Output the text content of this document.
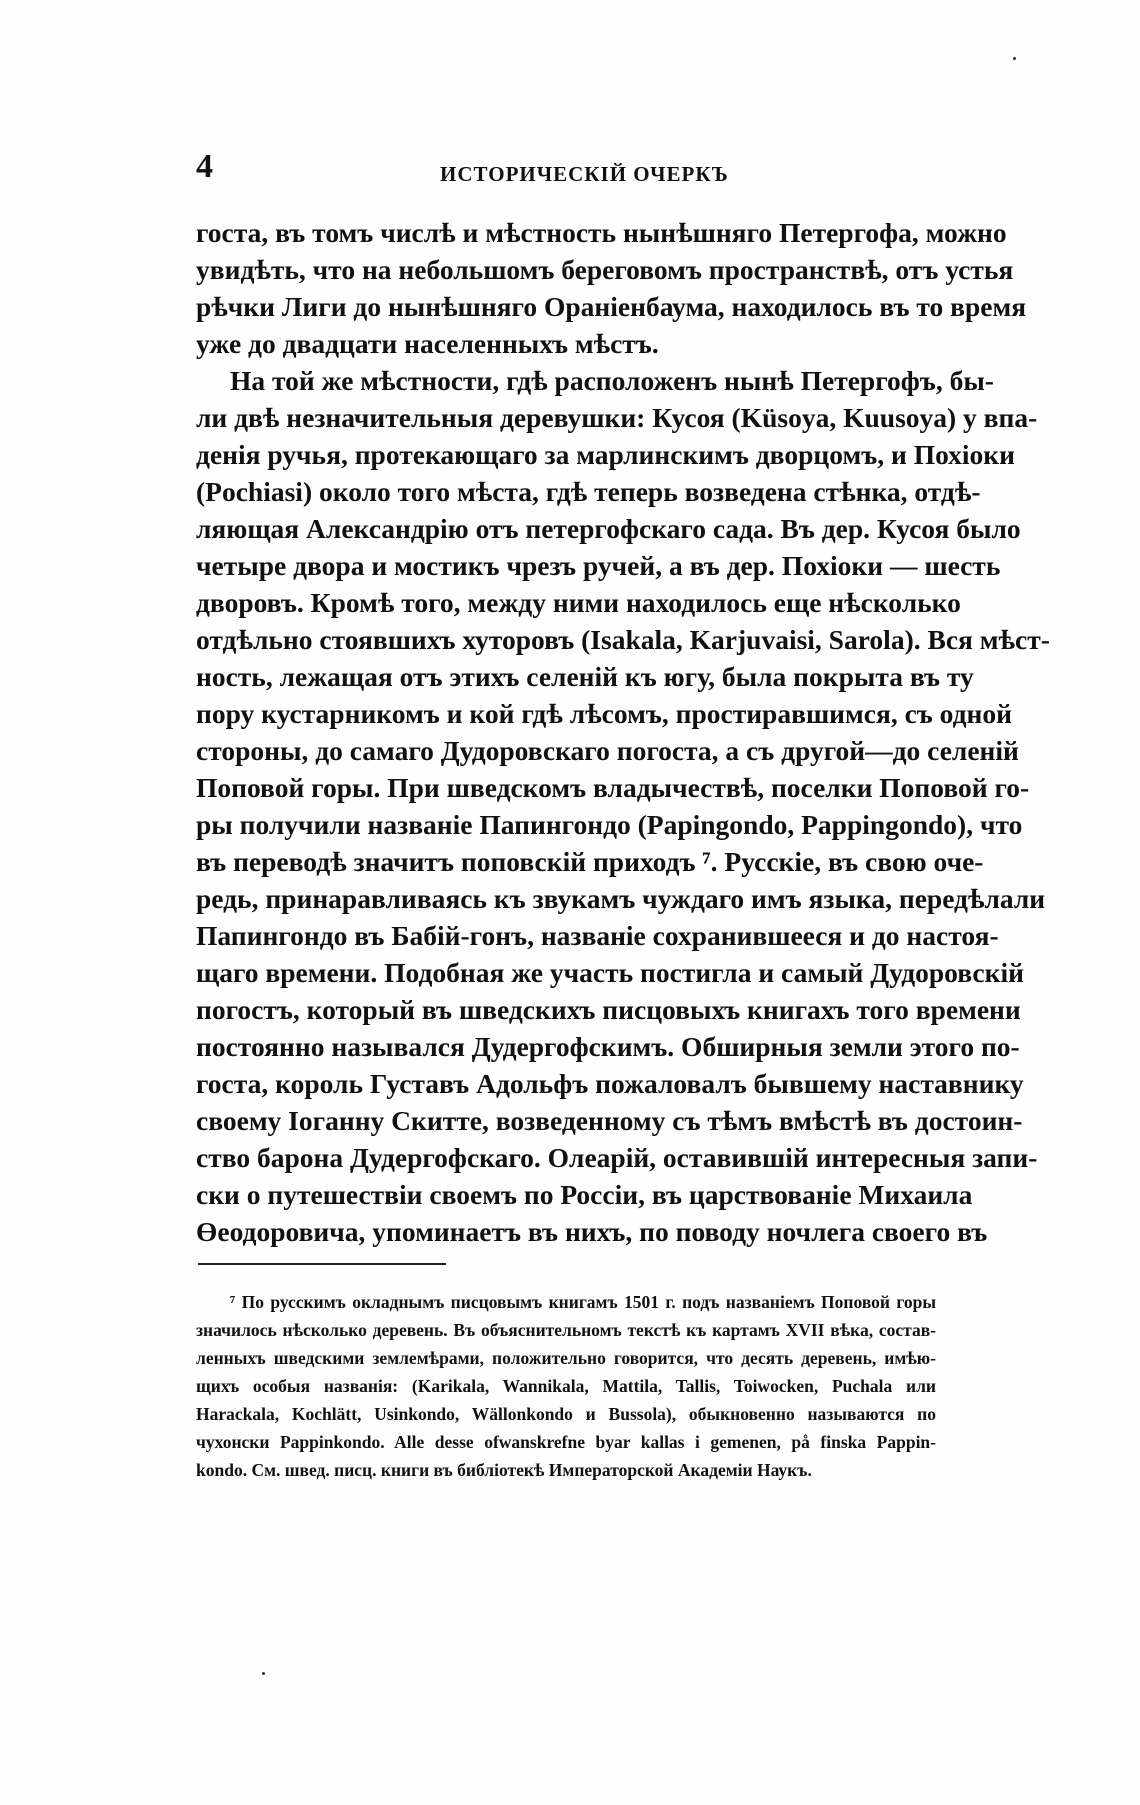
4	ИСТОРИЧЕСКІЙ ОЧЕРКЪ
госта, въ томъ числѣ и мѣстность нынѣшняго Петергофа, можно
увидѣть, что на небольшомъ береговомъ пространствѣ, отъ устья
рѣчки Лиги до нынѣшняго Ораніенбаума, находилось въ то время
уже до двадцати населенныхъ мѣстъ.
На той же мѣстности, гдѣ расположенъ нынѣ Петергофъ, бы-
ли двѣ незначительныя деревушки: Кусоя (Küsoya, Kuusoya) у впа-
денія ручья, протекающаго за марлинскимъ дворцомъ, и Похіоки
(Pochiasi) около того мѣста, гдѣ теперь возведена стѣнка, отдѣ-
ляющая Александрію отъ петергофскаго сада. Въ дер. Кусоя было
четыре двора и мостикъ чрезъ ручей, а въ дер. Похіоки — шесть
дворовъ. Кромѣ того, между ними находилось еще нѣсколько
отдѣльно стоявшихъ хуторовъ (Isakala, Karjuvaisi, Sarola). Вся мѣст-
ность, лежащая отъ этихъ селеній къ югу, была покрыта въ ту
пору кустарникомъ и кой гдѣ лѣсомъ, простиравшимся, съ одной
стороны, до самаго Дудоровскаго погоста, а съ другой—до селеній
Поповой горы. При шведскомъ владычествѣ, поселки Поповой го-
ры получили названіе Папингондо (Papingondo, Pappingondo), что
въ переводѣ значитъ поповскій приходъ ⁷. Русскіе, въ свою оче-
редь, принаравливаясь къ звукамъ чуждаго имъ языка, передѣлали
Папингондо въ Бабій-гонъ, названіе сохранившееся и до настоя-
щаго времени. Подобная же участь постигла и самый Дудоровскій
погостъ, который въ шведскихъ писцовыхъ книгахъ того времени
постоянно назывался Дудергофскимъ. Обширныя земли этого по-
госта, король Густавъ Адольфъ пожаловалъ бывшему наставнику
своему Іоганну Скитте, возведенному съ тѣмъ вмѣстѣ въ достоин-
ство барона Дудергофскаго. Олеарій, оставившій интересныя запи-
ски о путешествіи своемъ по Россіи, въ царствованіе Михаила
Өеодоровича, упоминаетъ въ нихъ, по поводу ночлега своего въ
⁷ По русскимъ окладнымъ писцовымъ книгамъ 1501 г. подъ названіемъ Поповой горы
значилось нѣсколько деревень. Въ объяснительномъ текстѣ къ картамъ XVII вѣка, состав-
ленныхъ шведскими землемѣрами, положительно говорится, что десять деревень, имѣю-
щихъ особыя названія: (Karikala, Wannikala, Mattila, Tallis, Toiwocken, Puchala или
Harackala, Kochlätt, Usinkondo, Wällonkondo и Bussola), обыкновенно называются по
чухонски Pappinkondo. Alle desse ofwanskrefne byar kallas i gemenen, på finska Pappin-
kondo. См. швед. писц. книги въ библіотекѣ Императорской Академіи Наукъ.
